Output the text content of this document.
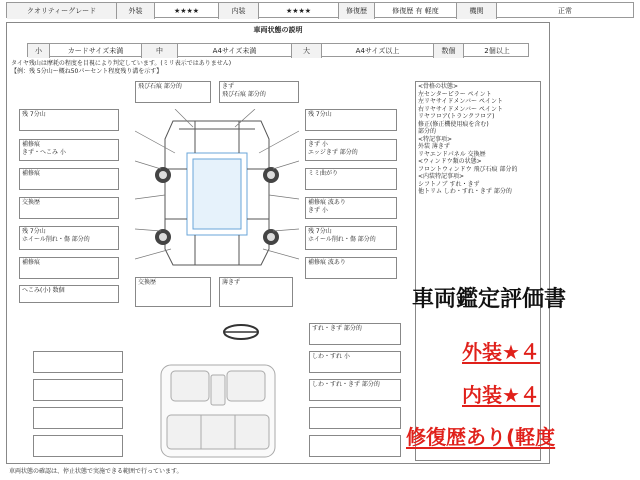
クオリティーグレード	外装	★★★★	内装	★★★★	修復歴	修復歴 有 軽度	機関	正常
車両状態の説明
小	カードサイズ未満	中	A4サイズ未満	大	A4サイズ以上	数個	2個以上
タイヤ残山は摩耗の程度を目視により判定しています。(ミリ表示ではありません)
【例：残 5分山ー概ね50パーセント程度残り溝を示す】
残 7分山
補修痕
きず・へこみ 小
補修痕
交換歴
残 7分山
ホイール削れ・傷 部分的
補修痕
へこみ(小) 数個
飛び石痕 部分的	きず
飛び石痕 部分的
交換歴	薄きず
残 7分山
きず 小
エッジきず 部分的
ミミ曲がり
補修痕 波あり
きず 小
残 7分山
ホイール削れ・傷 部分的
補修痕 波あり
すれ・きず 部分的
しわ・すれ 小
しわ・すれ・きず 部分的
<骨格の状態>
左センターピラー ペイント
左リヤサイドメンバー ペイント
右リヤサイドメンバー ペイント
リヤフロア(トランクフロア)
修正(修正機使用痕を含む)
部分的
<特記事項>
外装 薄きず
リヤエンドパネル 交換歴
<ウィンドウ類の状態>
フロントウィンドウ 飛び石痕 部分的
<内装特記事項>
シフトノブ すれ・きず
他トリム しわ・すれ・きず 部分的
車両状態の確認は、停止状態で実施できる範囲で行っています。
車両鑑定評価書
外装★４
内装★４
修復歴あり(軽度
